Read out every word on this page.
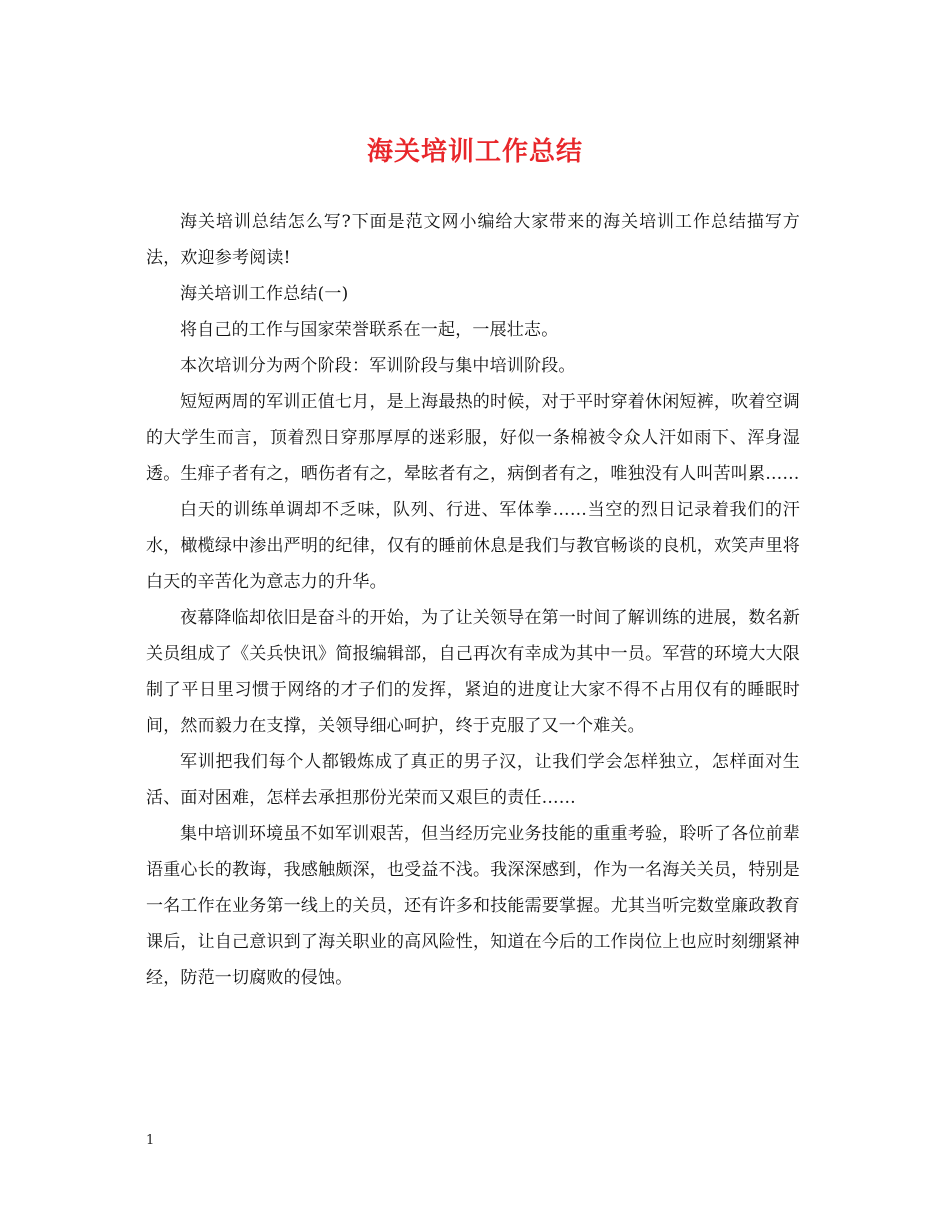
海关培训工作总结

海关培训总结怎么写?下面是范文网小编给大家带来的海关培训工作总结描写方法，欢迎参考阅读!

海关培训工作总结(一)

将自己的工作与国家荣誉联系在一起，一展壮志。

本次培训分为两个阶段：军训阶段与集中培训阶段。

短短两周的军训正值七月，是上海最热的时候，对于平时穿着休闲短裤，吹着空调的大学生而言，顶着烈日穿那厚厚的迷彩服，好似一条棉被令众人汗如雨下、浑身湿透。生痱子者有之，晒伤者有之，晕眩者有之，病倒者有之，唯独没有人叫苦叫累……

白天的训练单调却不乏味，队列、行进、军体拳……当空的烈日记录着我们的汗水，橄榄绿中渗出严明的纪律，仅有的睡前休息是我们与教官畅谈的良机，欢笑声里将白天的辛苦化为意志力的升华。

夜幕降临却依旧是奋斗的开始，为了让关领导在第一时间了解训练的进展，数名新关员组成了《关兵快讯》简报编辑部，自己再次有幸成为其中一员。军营的环境大大限制了平日里习惯于网络的才子们的发挥，紧迫的进度让大家不得不占用仅有的睡眠时间，然而毅力在支撑，关领导细心呵护，终于克服了又一个难关。

军训把我们每个人都锻炼成了真正的男子汉，让我们学会怎样独立，怎样面对生活、面对困难，怎样去承担那份光荣而又艰巨的责任……

集中培训环境虽不如军训艰苦，但当经历完业务技能的重重考验，聆听了各位前辈语重心长的教诲，我感触颇深，也受益不浅。我深深感到，作为一名海关关员，特别是一名工作在业务第一线上的关员，还有许多和技能需要掌握。尤其当听完数堂廉政教育课后，让自己意识到了海关职业的高风险性，知道在今后的工作岗位上也应时刻绷紧神经，防范一切腐败的侵蚀。

1
